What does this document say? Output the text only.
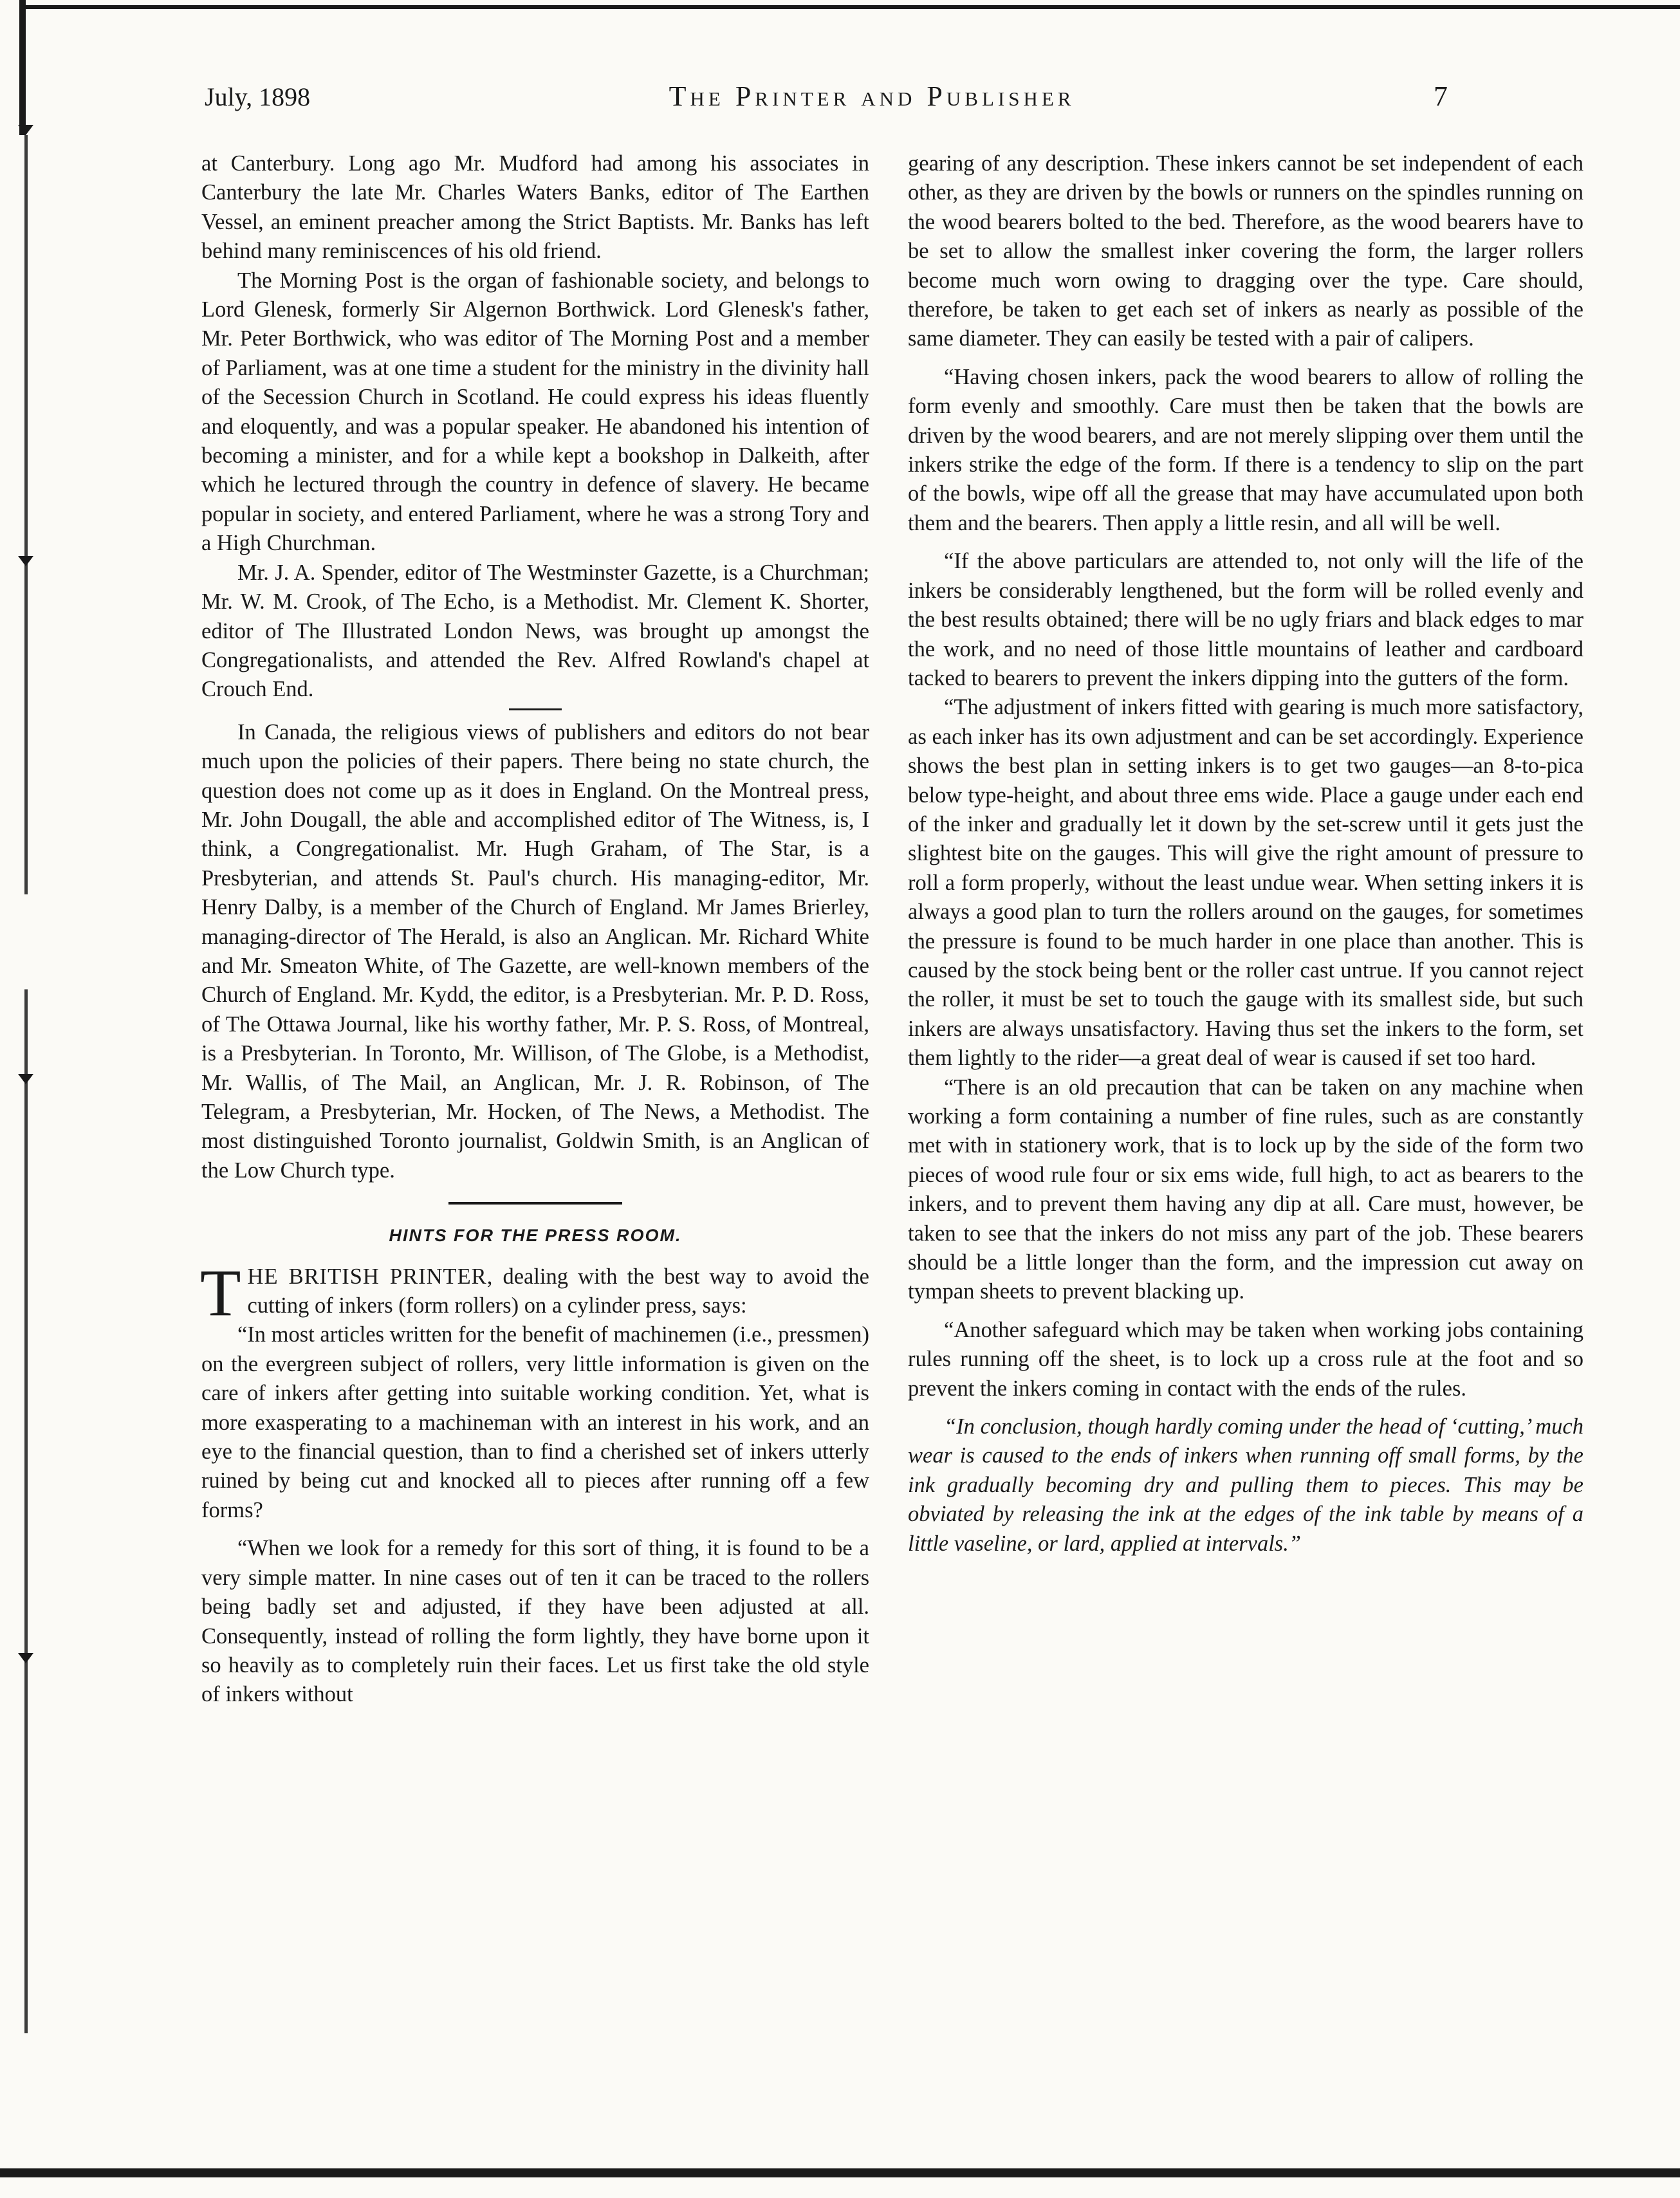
July, 1898	The Printer and Publisher	7

at Canterbury. Long ago Mr. Mudford had among his associates in Canterbury the late Mr. Charles Waters Banks, editor of The Earthen Vessel, an eminent preacher among the Strict Baptists. Mr. Banks has left behind many reminiscences of his old friend.

The Morning Post is the organ of fashionable society, and belongs to Lord Glenesk, formerly Sir Algernon Borthwick. Lord Glenesk's father, Mr. Peter Borthwick, who was editor of The Morning Post and a member of Parliament, was at one time a student for the ministry in the divinity hall of the Secession Church in Scotland. He could express his ideas fluently and eloquently, and was a popular speaker. He abandoned his intention of becoming a minister, and for a while kept a bookshop in Dalkeith, after which he lectured through the country in defence of slavery. He became popular in society, and entered Parliament, where he was a strong Tory and a High Churchman.

Mr. J. A. Spender, editor of The Westminster Gazette, is a Churchman; Mr. W. M. Crook, of The Echo, is a Methodist. Mr. Clement K. Shorter, editor of The Illustrated London News, was brought up amongst the Congregationalists, and attended the Rev. Alfred Rowland's chapel at Crouch End.

In Canada, the religious views of publishers and editors do not bear much upon the policies of their papers. There being no state church, the question does not come up as it does in England. On the Montreal press, Mr. John Dougall, the able and accomplished editor of The Witness, is, I think, a Congregationalist. Mr. Hugh Graham, of The Star, is a Presbyterian, and attends St. Paul's church. His managing-editor, Mr. Henry Dalby, is a member of the Church of England. Mr James Brierley, managing-director of The Herald, is also an Anglican. Mr. Richard White and Mr. Smeaton White, of The Gazette, are well-known members of the Church of England. Mr. Kydd, the editor, is a Presbyterian. Mr. P. D. Ross, of The Ottawa Journal, like his worthy father, Mr. P. S. Ross, of Montreal, is a Presbyterian. In Toronto, Mr. Willison, of The Globe, is a Methodist, Mr. Wallis, of The Mail, an Anglican, Mr. J. R. Robinson, of The Telegram, a Presbyterian, Mr. Hocken, of The News, a Methodist. The most distinguished Toronto journalist, Goldwin Smith, is an Anglican of the Low Church type.

HINTS FOR THE PRESS ROOM.

THE BRITISH PRINTER, dealing with the best way to avoid the cutting of inkers (form rollers) on a cylinder press, says:

“In most articles written for the benefit of machinemen (i.e., pressmen) on the evergreen subject of rollers, very little information is given on the care of inkers after getting into suitable working condition. Yet, what is more exasperating to a machineman with an interest in his work, and an eye to the financial question, than to find a cherished set of inkers utterly ruined by being cut and knocked all to pieces after running off a few forms?

“When we look for a remedy for this sort of thing, it is found to be a very simple matter. In nine cases out of ten it can be traced to the rollers being badly set and adjusted, if they have been adjusted at all. Consequently, instead of rolling the form lightly, they have borne upon it so heavily as to completely ruin their faces. Let us first take the old style of inkers without

gearing of any description. These inkers cannot be set independent of each other, as they are driven by the bowls or runners on the spindles running on the wood bearers bolted to the bed. Therefore, as the wood bearers have to be set to allow the smallest inker covering the form, the larger rollers become much worn owing to dragging over the type. Care should, therefore, be taken to get each set of inkers as nearly as possible of the same diameter. They can easily be tested with a pair of calipers.

“Having chosen inkers, pack the wood bearers to allow of rolling the form evenly and smoothly. Care must then be taken that the bowls are driven by the wood bearers, and are not merely slipping over them until the inkers strike the edge of the form. If there is a tendency to slip on the part of the bowls, wipe off all the grease that may have accumulated upon both them and the bearers. Then apply a little resin, and all will be well.

“If the above particulars are attended to, not only will the life of the inkers be considerably lengthened, but the form will be rolled evenly and the best results obtained; there will be no ugly friars and black edges to mar the work, and no need of those little mountains of leather and cardboard tacked to bearers to prevent the inkers dipping into the gutters of the form.

“The adjustment of inkers fitted with gearing is much more satisfactory, as each inker has its own adjustment and can be set accordingly. Experience shows the best plan in setting inkers is to get two gauges—an 8-to-pica below type-height, and about three ems wide. Place a gauge under each end of the inker and gradually let it down by the set-screw until it gets just the slightest bite on the gauges. This will give the right amount of pressure to roll a form properly, without the least undue wear. When setting inkers it is always a good plan to turn the rollers around on the gauges, for sometimes the pressure is found to be much harder in one place than another. This is caused by the stock being bent or the roller cast untrue. If you cannot reject the roller, it must be set to touch the gauge with its smallest side, but such inkers are always unsatisfactory. Having thus set the inkers to the form, set them lightly to the rider—a great deal of wear is caused if set too hard.

“There is an old precaution that can be taken on any machine when working a form containing a number of fine rules, such as are constantly met with in stationery work, that is to lock up by the side of the form two pieces of wood rule four or six ems wide, full high, to act as bearers to the inkers, and to prevent them having any dip at all. Care must, however, be taken to see that the inkers do not miss any part of the job. These bearers should be a little longer than the form, and the impression cut away on tympan sheets to prevent blacking up.

“Another safeguard which may be taken when working jobs containing rules running off the sheet, is to lock up a cross rule at the foot and so prevent the inkers coming in contact with the ends of the rules.

“In conclusion, though hardly coming under the head of ‘cutting,’ much wear is caused to the ends of inkers when running off small forms, by the ink gradually becoming dry and pulling them to pieces. This may be obviated by releasing the ink at the edges of the ink table by means of a little vaseline, or lard, applied at intervals.”
